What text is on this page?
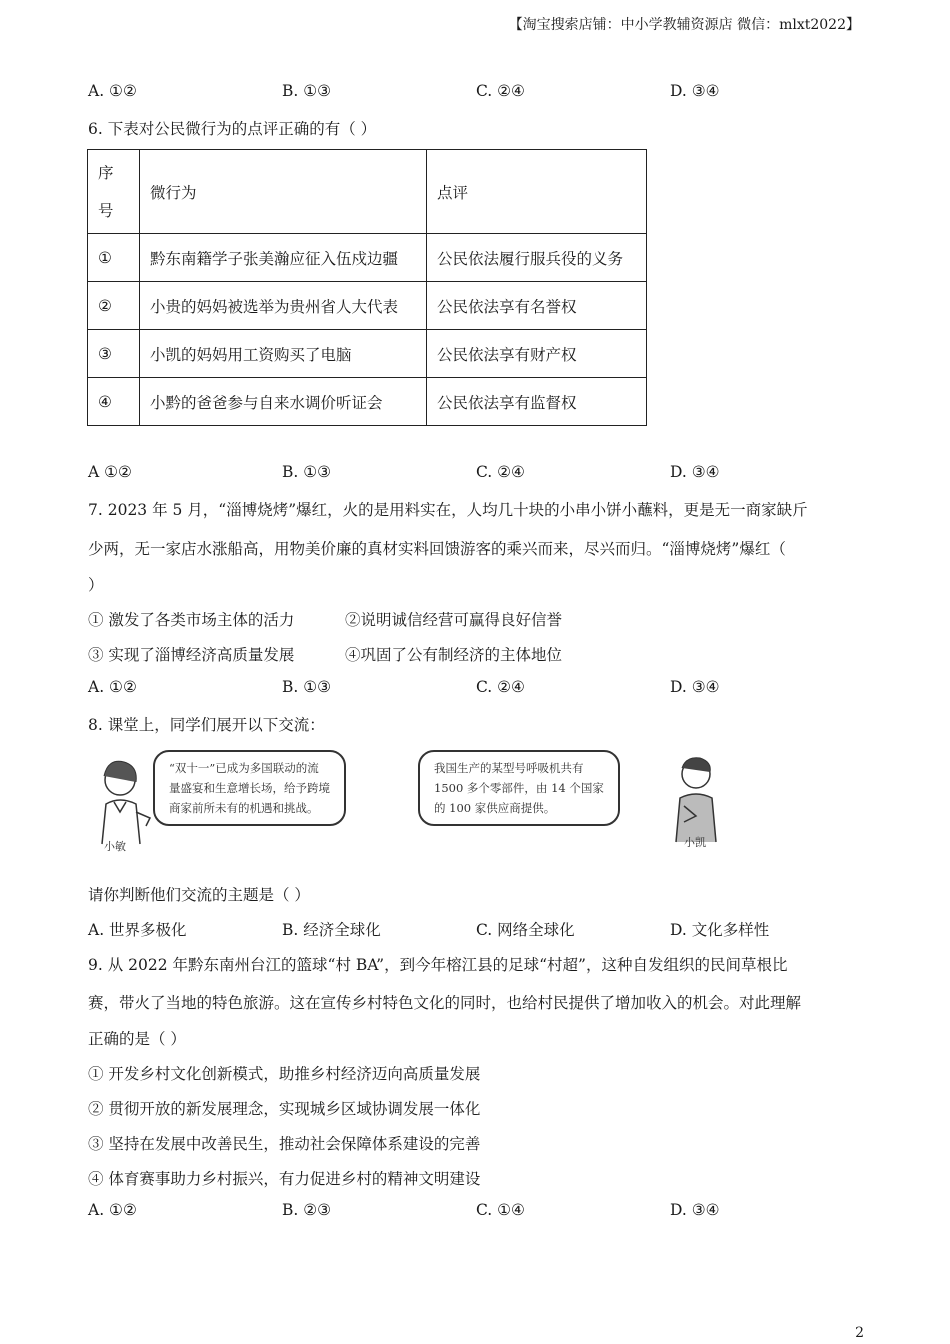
【淘宝搜索店铺：中小学教辅资源店 微信：mlxt2022】
A. ①②	B. ①③	C. ②④	D. ③④
6. 下表对公民微行为的点评正确的有（ ）
序
号	微行为	点评
①	黔东南籍学子张美瀚应征入伍戍边疆	公民依法履行服兵役的义务
②	小贵的妈妈被选举为贵州省人大代表	公民依法享有名誉权
③	小凯的妈妈用工资购买了电脑	公民依法享有财产权
④	小黔的爸爸参与自来水调价听证会	公民依法享有监督权
A ①②	B. ①③	C. ②④	D. ③④
7. 2023 年 5 月，“淄博烧烤”爆红，火的是用料实在，人均几十块的小串小饼小蘸料，更是无一商家缺斤
少两，无一家店水涨船高，用物美价廉的真材实料回馈游客的乘兴而来，尽兴而归。“淄博烧烤”爆红（
）
① 激发了各类市场主体的活力	②说明诚信经营可赢得良好信誉
③ 实现了淄博经济高质量发展	④巩固了公有制经济的主体地位
A. ①②	B. ①③	C. ②④	D. ③④
8. 课堂上，同学们展开以下交流：
小敏
“双十一”已成为多国联动的流
量盛宴和生意增长场，给予跨境
商家前所未有的机遇和挑战。
我国生产的某型号呼吸机共有
1500 多个零部件，由 14 个国家
的 100 家供应商提供。
小凯
请你判断他们交流的主题是（ ）
A. 世界多极化	B. 经济全球化	C. 网络全球化	D. 文化多样性
9. 从 2022 年黔东南州台江的篮球“村 BA”，到今年榕江县的足球“村超”，这种自发组织的民间草根比
赛，带火了当地的特色旅游。这在宣传乡村特色文化的同时，也给村民提供了增加收入的机会。对此理解
正确的是（ ）
① 开发乡村文化创新模式，助推乡村经济迈向高质量发展
② 贯彻开放的新发展理念，实现城乡区域协调发展一体化
③ 坚持在发展中改善民生，推动社会保障体系建设的完善
④ 体育赛事助力乡村振兴，有力促进乡村的精神文明建设
A. ①②	B. ②③	C. ①④	D. ③④
2
